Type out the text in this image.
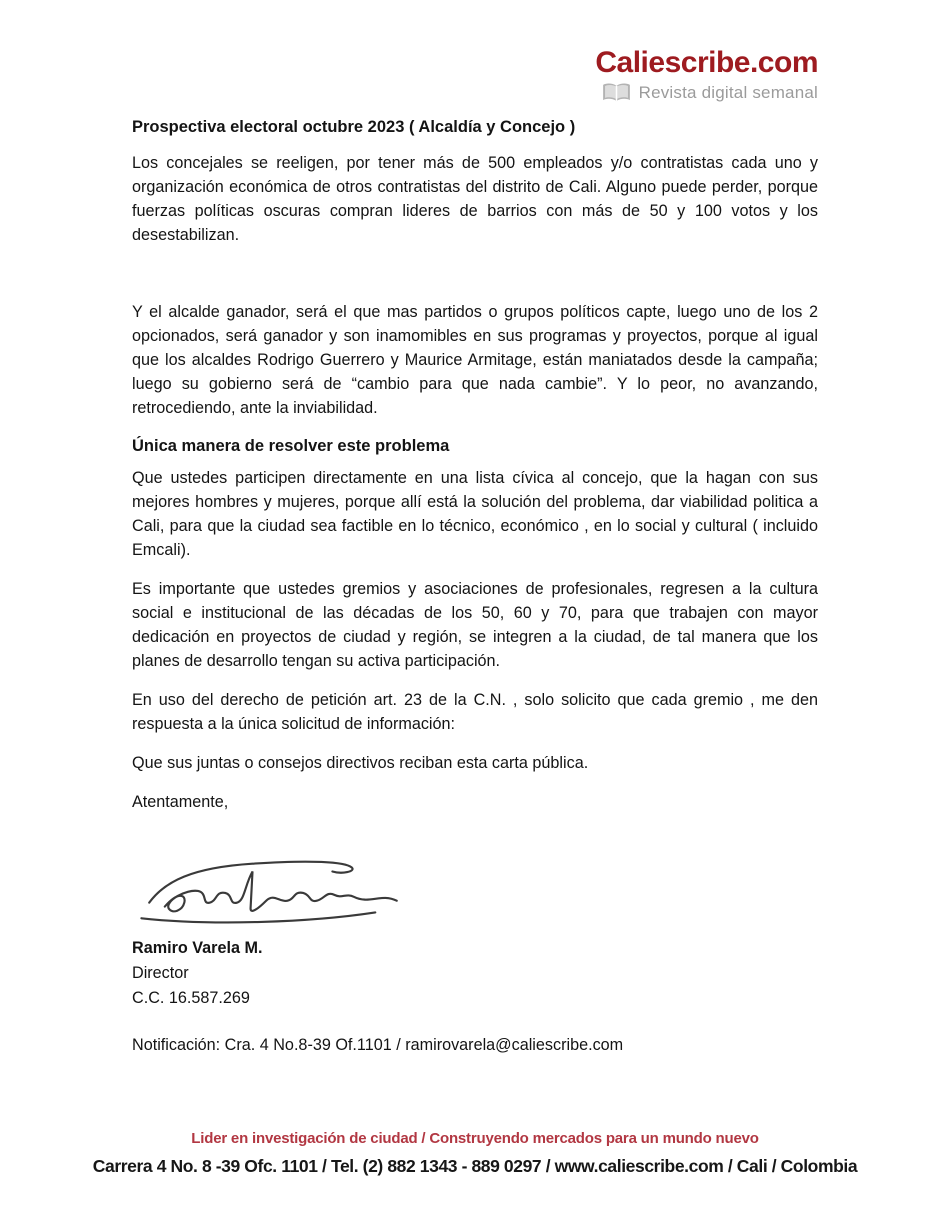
Caliescribe.com
Revista digital semanal
Prospectiva electoral octubre 2023 ( Alcaldía y Concejo )

Los concejales se reeligen, por tener más de 500 empleados y/o contratistas cada uno y organización económica de otros contratistas del distrito de Cali. Alguno puede perder, porque fuerzas políticas oscuras compran lideres de barrios con más de 50 y 100 votos y los desestabilizan.

Y el alcalde ganador, será el que mas partidos o grupos políticos capte, luego uno de los 2 opcionados, será ganador y son inamomibles en sus programas y proyectos, porque al igual que los alcaldes Rodrigo Guerrero y Maurice Armitage, están maniatados desde la campaña; luego su gobierno será de “cambio para que nada cambie”. Y lo peor, no avanzando, retrocediendo, ante la inviabilidad.

Única manera de resolver este problema

Que ustedes participen directamente en una lista cívica al concejo, que la hagan con sus mejores hombres y mujeres, porque allí está la solución del problema, dar viabilidad politica a Cali, para que la ciudad sea factible en lo técnico, económico , en lo social y cultural ( incluido Emcali).

Es importante que ustedes gremios y asociaciones de profesionales, regresen a la cultura social e institucional de las décadas de los 50, 60 y 70, para que trabajen con mayor dedicación en proyectos de ciudad y región, se integren a la ciudad, de tal manera que los planes de desarrollo tengan su activa participación.

En uso del derecho de petición art. 23 de la C.N. , solo solicito que cada gremio , me den respuesta a la única solicitud de información:

Que sus juntas o consejos directivos reciban esta carta pública.

Atentamente,

Ramiro Varela M.
Director
C.C. 16.587.269

Notificación: Cra. 4 No.8-39 Of.1101 / ramirovarela@caliescribe.com

Lider en investigación de ciudad / Construyendo mercados para un mundo nuevo
Carrera 4 No. 8 -39 Ofc. 1101 / Tel. (2) 882 1343 - 889 0297 / www.caliescribe.com / Cali / Colombia
